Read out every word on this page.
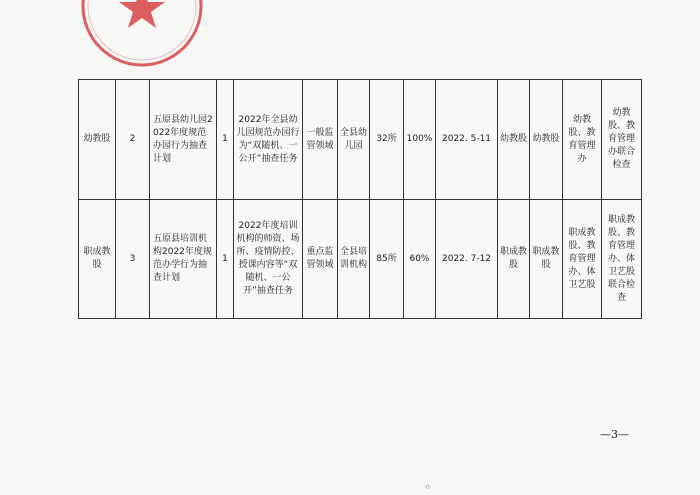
幼教股	2	五原县幼儿园2022年度规范办园行为抽查计划	1	2022年全县幼儿园规范办园行为“双随机、一公开”抽查任务	一般监管领域	全县幼儿园	32所	100%	2022. 5-11	幼教股	幼教股	幼教股、教育管理办	幼教股、教育管理办联合检查
职成教股	3	五原县培训机构2022年度规范办学行为抽查计划	1	2022年度培训机构的师资、场所、疫情防控、授课内容等“双随机、一公开”抽查任务	重点监管领域	全县培训机构	85所	60%	2022. 7-12	职成教股	职成教股	职成教股、教育管理办、体卫艺股	职成教股、教育管理办、体卫艺股联合检查
—3—
·0·
